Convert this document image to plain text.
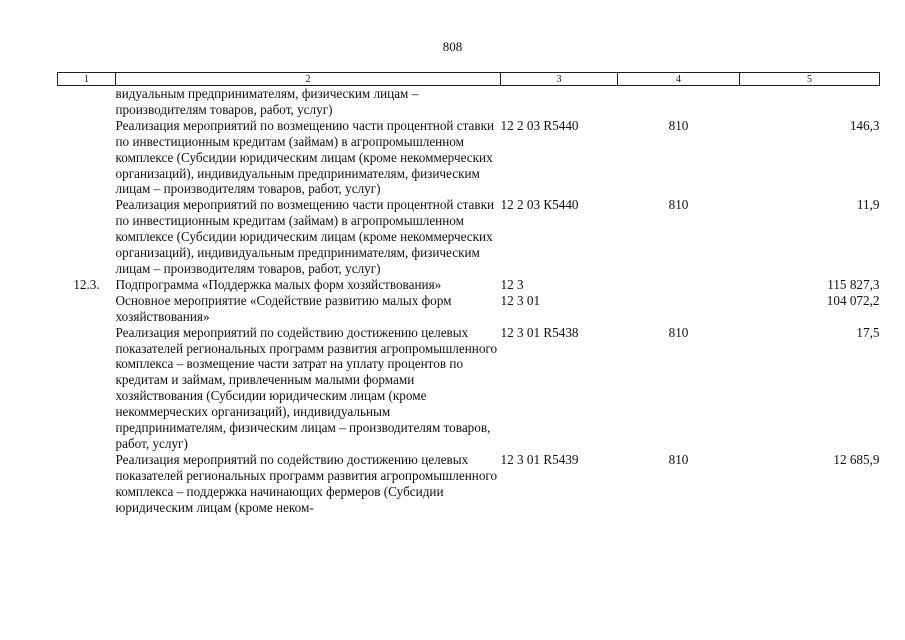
808
1	2	3	4	5
	видуальным предпринимателям, физическим лицам – производителям товаров, работ, услуг)			
	Реализация мероприятий по возмещению части процентной ставки по инвестиционным кредитам (займам) в агропромышленном комплексе (Субсидии юридическим лицам (кроме некоммерческих организаций), индивидуальным предпринимателям, физическим лицам – производителям товаров, работ, услуг)	12 2 03 R5440	810	146,3
	Реализация мероприятий по возмещению части процентной ставки по инвестиционным кредитам (займам) в агропромышленном комплексе (Субсидии юридическим лицам (кроме некоммерческих организаций), индивидуальным предпринимателям, физическим лицам – производителям товаров, работ, услуг)	12 2 03 К5440	810	11,9
12.3.	Подпрограмма «Поддержка малых форм хозяйствования»	12 3		115 827,3
	Основное мероприятие «Содействие развитию малых форм хозяйствования»	12 3 01		104 072,2
	Реализация мероприятий по содействию достижению целевых показателей региональных программ развития агропромышленного комплекса – возмещение части затрат на уплату процентов по кредитам и займам, привлеченным малыми формами хозяйствования (Субсидии юридическим лицам (кроме некоммерческих организаций), индивидуальным предпринимателям, физическим лицам – производителям товаров, работ, услуг)	12 3 01 R5438	810	17,5
	Реализация мероприятий по содействию достижению целевых показателей региональных программ развития агропромышленного комплекса – поддержка начинающих фермеров (Субсидии юридическим лицам (кроме неком-	12 3 01 R5439	810	12 685,9
